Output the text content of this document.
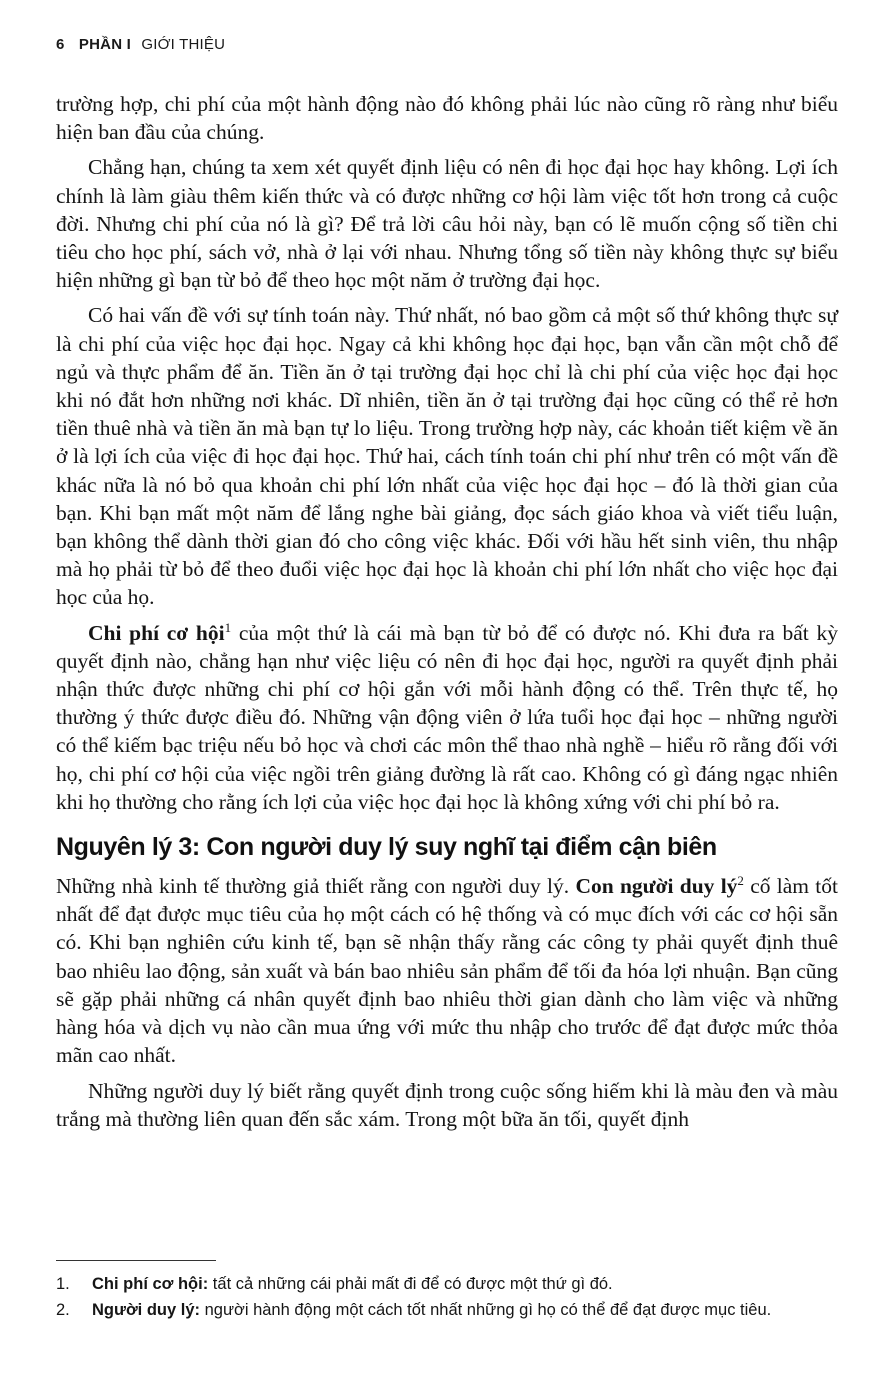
6 PHẦN I GIỚI THIỆU

trường hợp, chi phí của một hành động nào đó không phải lúc nào cũng rõ ràng như biểu hiện ban đầu của chúng.

Chẳng hạn, chúng ta xem xét quyết định liệu có nên đi học đại học hay không. Lợi ích chính là làm giàu thêm kiến thức và có được những cơ hội làm việc tốt hơn trong cả cuộc đời. Nhưng chi phí của nó là gì? Để trả lời câu hỏi này, bạn có lẽ muốn cộng số tiền chi tiêu cho học phí, sách vở, nhà ở lại với nhau. Nhưng tổng số tiền này không thực sự biểu hiện những gì bạn từ bỏ để theo học một năm ở trường đại học.

Có hai vấn đề với sự tính toán này. Thứ nhất, nó bao gồm cả một số thứ không thực sự là chi phí của việc học đại học. Ngay cả khi không học đại học, bạn vẫn cần một chỗ để ngủ và thực phẩm để ăn. Tiền ăn ở tại trường đại học chỉ là chi phí của việc học đại học khi nó đắt hơn những nơi khác. Dĩ nhiên, tiền ăn ở tại trường đại học cũng có thể rẻ hơn tiền thuê nhà và tiền ăn mà bạn tự lo liệu. Trong trường hợp này, các khoản tiết kiệm về ăn ở là lợi ích của việc đi học đại học. Thứ hai, cách tính toán chi phí như trên có một vấn đề khác nữa là nó bỏ qua khoản chi phí lớn nhất của việc học đại học – đó là thời gian của bạn. Khi bạn mất một năm để lắng nghe bài giảng, đọc sách giáo khoa và viết tiểu luận, bạn không thể dành thời gian đó cho công việc khác. Đối với hầu hết sinh viên, thu nhập mà họ phải từ bỏ để theo đuổi việc học đại học là khoản chi phí lớn nhất cho việc học đại học của họ.

Chi phí cơ hội$^1$ của một thứ là cái mà bạn từ bỏ để có được nó. Khi đưa ra bất kỳ quyết định nào, chẳng hạn như việc liệu có nên đi học đại học, người ra quyết định phải nhận thức được những chi phí cơ hội gắn với mỗi hành động có thể. Trên thực tế, họ thường ý thức được điều đó. Những vận động viên ở lứa tuổi học đại học – những người có thể kiếm bạc triệu nếu bỏ học và chơi các môn thể thao nhà nghề – hiểu rõ rằng đối với họ, chi phí cơ hội của việc ngồi trên giảng đường là rất cao. Không có gì đáng ngạc nhiên khi họ thường cho rằng ích lợi của việc học đại học là không xứng với chi phí bỏ ra.

Nguyên lý 3: Con người duy lý suy nghĩ tại điểm cận biên

Những nhà kinh tế thường giả thiết rằng con người duy lý. Con người duy $lý^2$ cố làm tốt nhất để đạt được mục tiêu của họ một cách có hệ thống và có mục đích với các cơ hội sẵn có. Khi bạn nghiên cứu kinh tế, bạn sẽ nhận thấy rằng các công ty phải quyết định thuê bao nhiêu lao động, sản xuất và bán bao nhiêu sản phẩm để tối đa hóa lợi nhuận. Bạn cũng sẽ gặp phải những cá nhân quyết định bao nhiêu thời gian dành cho làm việc và những hàng hóa và dịch vụ nào cần mua ứng với mức thu nhập cho trước để đạt được mức thỏa mãn cao nhất.

Những người duy lý biết rằng quyết định trong cuộc sống hiếm khi là màu đen và màu trắng mà thường liên quan đến sắc xám. Trong một bữa ăn tối, quyết định

1.	Chi phí cơ hội: tất cả những cái phải mất đi để có được một thứ gì đó.
2.	Người duy lý: người hành động một cách tốt nhất những gì họ có thể để đạt được mục tiêu.
